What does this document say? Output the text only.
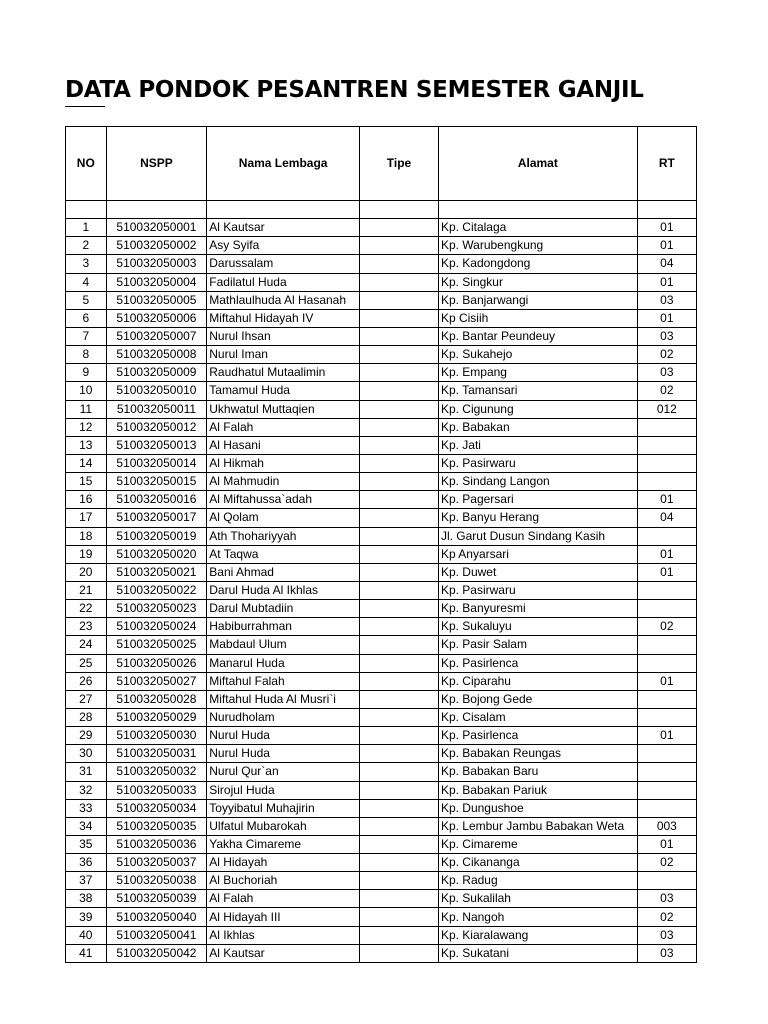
DATA PONDOK PESANTREN SEMESTER GANJIL
NO	NSPP	Nama Lembaga	Tipe	Alamat	RT

1	510032050001	Al Kautsar		Kp. Citalaga	01
2	510032050002	Asy Syifa		Kp. Warubengkung	01
3	510032050003	Darussalam		Kp. Kadongdong	04
4	510032050004	Fadilatul Huda		Kp. Singkur	01
5	510032050005	Mathlaulhuda Al Hasanah		Kp. Banjarwangi	03
6	510032050006	Miftahul Hidayah IV		Kp Cisiih	01
7	510032050007	Nurul Ihsan		Kp. Bantar Peundeuy	03
8	510032050008	Nurul Iman		Kp. Sukahejo	02
9	510032050009	Raudhatul Mutaalimin		Kp. Empang	03
10	510032050010	Tamamul Huda		Kp. Tamansari	02
11	510032050011	Ukhwatul Muttaqien		Kp. Cigunung	012
12	510032050012	Al Falah		Kp. Babakan	
13	510032050013	Al Hasani		Kp. Jati	
14	510032050014	Al Hikmah		Kp. Pasirwaru	
15	510032050015	Al Mahmudin		Kp. Sindang Langon	
16	510032050016	Al Miftahussa`adah		Kp. Pagersari	01
17	510032050017	Al Qolam		Kp. Banyu Herang	04
18	510032050019	Ath Thohariyyah		Jl. Garut Dusun Sindang Kasih	
19	510032050020	At Taqwa		Kp Anyarsari	01
20	510032050021	Bani Ahmad		Kp. Duwet	01
21	510032050022	Darul Huda Al Ikhlas		Kp. Pasirwaru	
22	510032050023	Darul Mubtadiin		Kp. Banyuresmi	
23	510032050024	Habiburrahman		Kp. Sukaluyu	02
24	510032050025	Mabdaul Ulum		Kp. Pasir Salam	
25	510032050026	Manarul Huda		Kp. Pasirlenca	
26	510032050027	Miftahul Falah		Kp. Ciparahu	01
27	510032050028	Miftahul Huda Al Musri`i		Kp. Bojong Gede	
28	510032050029	Nurudholam		Kp. Cisalam	
29	510032050030	Nurul Huda		Kp. Pasirlenca	01
30	510032050031	Nurul Huda		Kp. Babakan Reungas	
31	510032050032	Nurul Qur`an		Kp. Babakan Baru	
32	510032050033	Sirojul Huda		Kp. Babakan Pariuk	
33	510032050034	Toyyibatul Muhajirin		Kp. Dungushoe	
34	510032050035	Ulfatul Mubarokah		Kp. Lembur Jambu Babakan Weta	003
35	510032050036	Yakha Cimareme		Kp. Cimareme	01
36	510032050037	Al Hidayah		Kp. Cikananga	02
37	510032050038	Al Buchoriah		Kp. Radug	
38	510032050039	Al Falah		Kp. Sukalilah	03
39	510032050040	Al Hidayah III		Kp. Nangoh	02
40	510032050041	Al Ikhlas		Kp. Kiaralawang	03
41	510032050042	Al Kautsar		Kp. Sukatani	03
